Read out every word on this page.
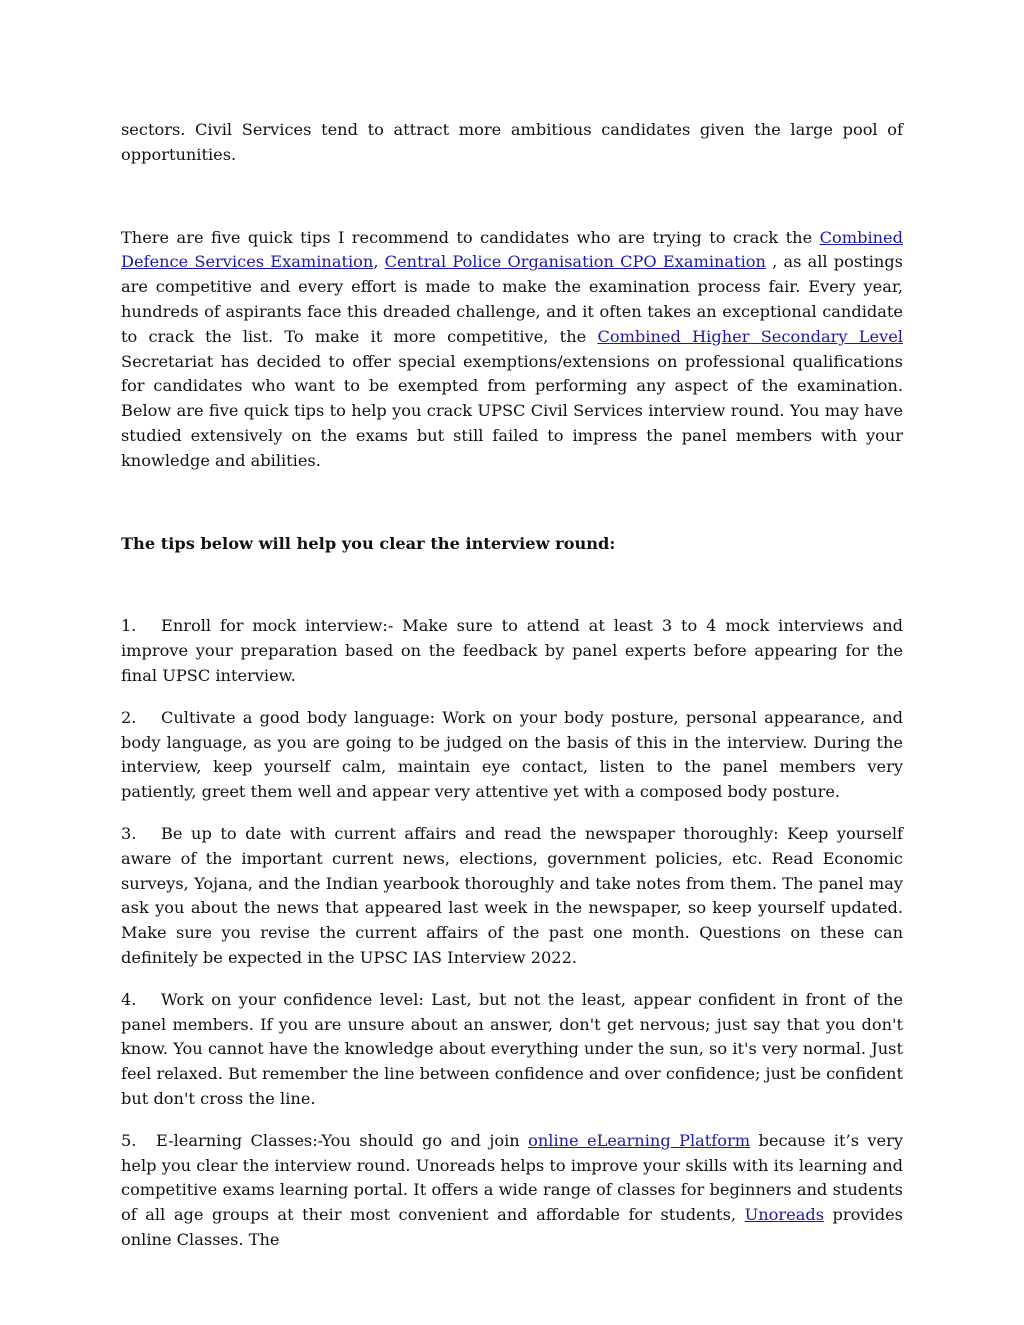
sectors. Civil Services tend to attract more ambitious candidates given the large pool of opportunities.

There are five quick tips I recommend to candidates who are trying to crack the Combined Defence Services Examination, Central Police Organisation CPO Examination , as all postings are competitive and every effort is made to make the examination process fair. Every year, hundreds of aspirants face this dreaded challenge, and it often takes an exceptional candidate to crack the list. To make it more competitive, the Combined Higher Secondary Level Secretariat has decided to offer special exemptions/extensions on professional qualifications for candidates who want to be exempted from performing any aspect of the examination. Below are five quick tips to help you crack UPSC Civil Services interview round. You may have studied extensively on the exams but still failed to impress the panel members with your knowledge and abilities.

The tips below will help you clear the interview round:

1. Enroll for mock interview:- Make sure to attend at least 3 to 4 mock interviews and improve your preparation based on the feedback by panel experts before appearing for the final UPSC interview.

2. Cultivate a good body language: Work on your body posture, personal appearance, and body language, as you are going to be judged on the basis of this in the interview. During the interview, keep yourself calm, maintain eye contact, listen to the panel members very patiently, greet them well and appear very attentive yet with a composed body posture.

3. Be up to date with current affairs and read the newspaper thoroughly: Keep yourself aware of the important current news, elections, government policies, etc. Read Economic surveys, Yojana, and the Indian yearbook thoroughly and take notes from them. The panel may ask you about the news that appeared last week in the newspaper, so keep yourself updated. Make sure you revise the current affairs of the past one month. Questions on these can definitely be expected in the UPSC IAS Interview 2022.

4. Work on your confidence level: Last, but not the least, appear confident in front of the panel members. If you are unsure about an answer, don't get nervous; just say that you don't know. You cannot have the knowledge about everything under the sun, so it's very normal. Just feel relaxed. But remember the line between confidence and over confidence; just be confident but don't cross the line.

5. E-learning Classes:-You should go and join online eLearning Platform because it’s very help you clear the interview round. Unoreads helps to improve your skills with its learning and competitive exams learning portal. It offers a wide range of classes for beginners and students of all age groups at their most convenient and affordable for students, Unoreads provides online Classes. The
